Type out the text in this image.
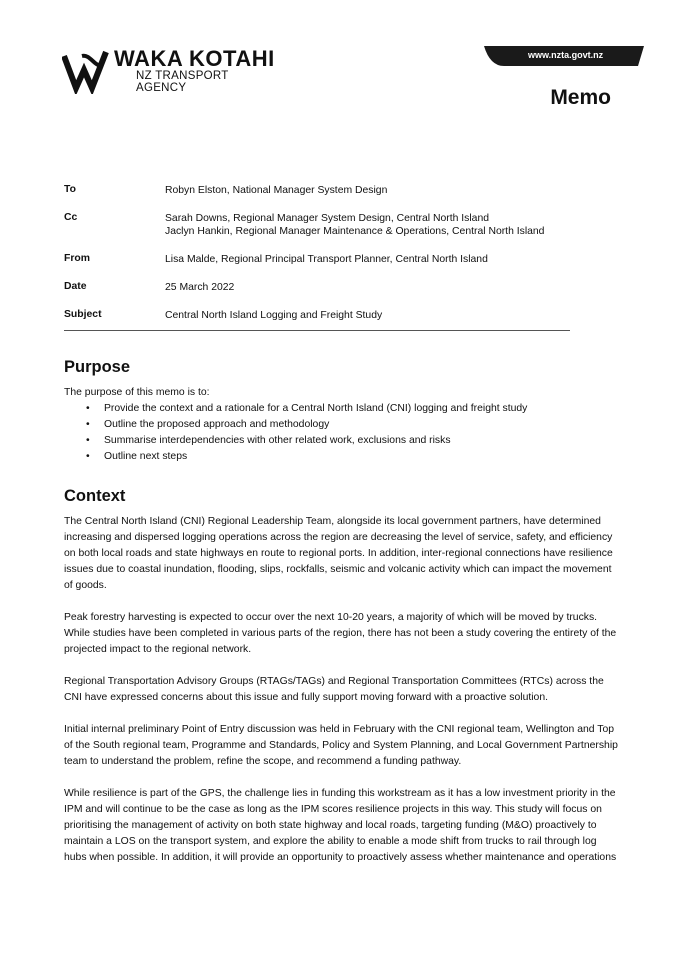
WAKA KOTAHI
NZ TRANSPORT
AGENCY
www.nzta.govt.nz
Memo
To	Robyn Elston, National Manager System Design
Cc	Sarah Downs, Regional Manager System Design, Central North Island
Jaclyn Hankin, Regional Manager Maintenance & Operations, Central North Island
From	Lisa Malde, Regional Principal Transport Planner, Central North Island
Date	25 March 2022
Subject	Central North Island Logging and Freight Study
Purpose

The purpose of this memo is to:

• Provide the context and a rationale for a Central North Island (CNI) logging and freight study
• Outline the proposed approach and methodology
• Summarise interdependencies with other related work, exclusions and risks
• Outline next steps
Context

The Central North Island (CNI) Regional Leadership Team, alongside its local government partners, have determined increasing and dispersed logging operations across the region are decreasing the level of service, safety, and efficiency on both local roads and state highways en route to regional ports. In addition, inter-regional connections have resilience issues due to coastal inundation, flooding, slips, rockfalls, seismic and volcanic activity which can impact the movement of goods.

Peak forestry harvesting is expected to occur over the next 10-20 years, a majority of which will be moved by trucks. While studies have been completed in various parts of the region, there has not been a study covering the entirety of the projected impact to the regional network.

Regional Transportation Advisory Groups (RTAGs/TAGs) and Regional Transportation Committees (RTCs) across the CNI have expressed concerns about this issue and fully support moving forward with a proactive solution.

Initial internal preliminary Point of Entry discussion was held in February with the CNI regional team, Wellington and Top of the South regional team, Programme and Standards, Policy and System Planning, and Local Government Partnership team to understand the problem, refine the scope, and recommend a funding pathway.

While resilience is part of the GPS, the challenge lies in funding this workstream as it has a low investment priority in the IPM and will continue to be the case as long as the IPM scores resilience projects in this way. This study will focus on prioritising the management of activity on both state highway and local roads, targeting funding (M&O) proactively to maintain a LOS on the transport system, and explore the ability to enable a mode shift from trucks to rail through log hubs when possible. In addition, it will provide an opportunity to proactively assess whether maintenance and operations
